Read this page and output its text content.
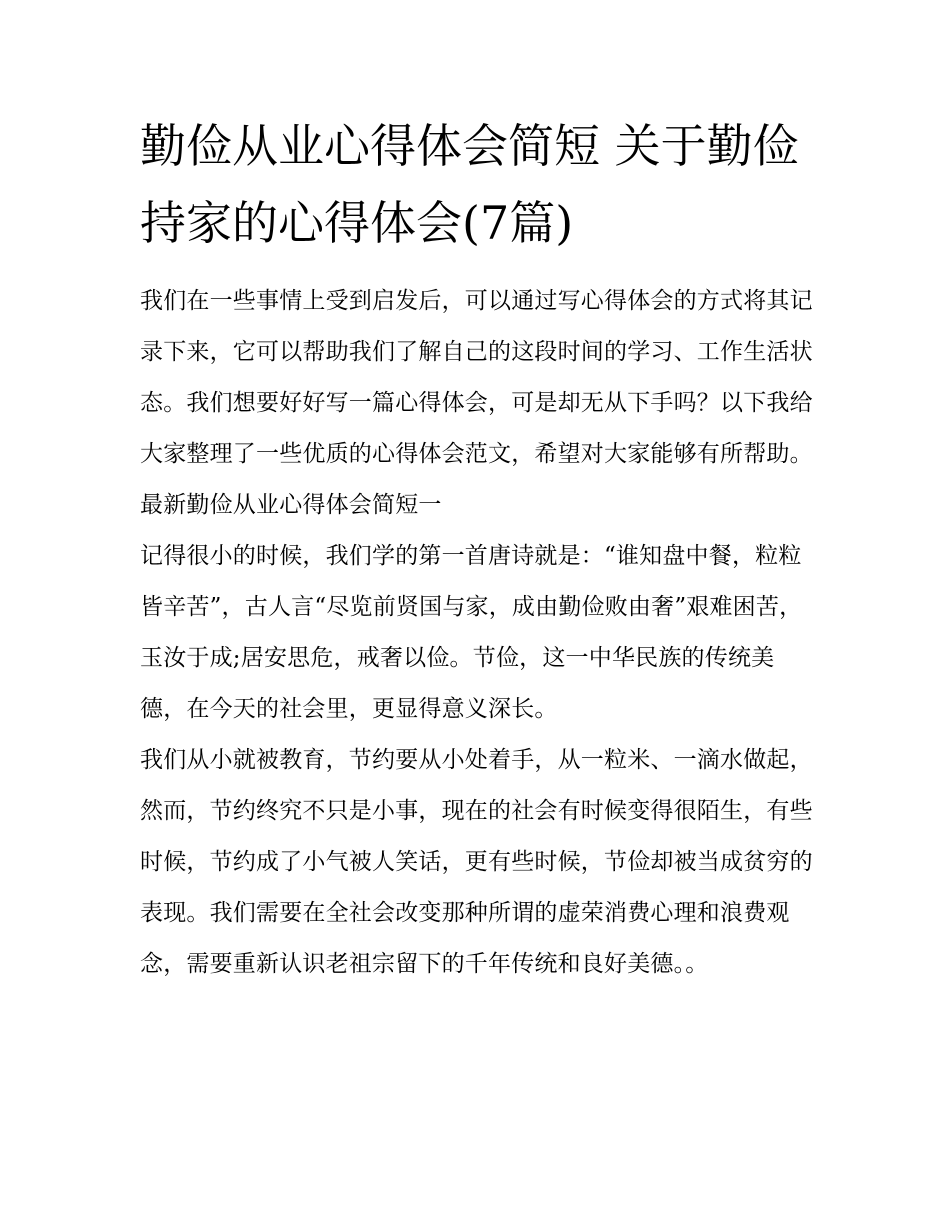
勤俭从业心得体会简短 关于勤俭持家的心得体会(7篇)

我们在一些事情上受到启发后，可以通过写心得体会的方式将其记录下来，它可以帮助我们了解自己的这段时间的学习、工作生活状态。我们想要好好写一篇心得体会，可是却无从下手吗？以下我给大家整理了一些优质的心得体会范文，希望对大家能够有所帮助。

最新勤俭从业心得体会简短一

记得很小的时候，我们学的第一首唐诗就是：“谁知盘中餐，粒粒皆辛苦”，古人言“尽览前贤国与家，成由勤俭败由奢”艰难困苦，玉汝于成;居安思危，戒奢以俭。节俭，这一中华民族的传统美德，在今天的社会里，更显得意义深长。

我们从小就被教育，节约要从小处着手，从一粒米、一滴水做起，然而，节约终究不只是小事，现在的社会有时候变得很陌生，有些时候，节约成了小气被人笑话，更有些时候，节俭却被当成贫穷的表现。我们需要在全社会改变那种所谓的虚荣消费心理和浪费观念，需要重新认识老祖宗留下的千年传统和良好美德。。
